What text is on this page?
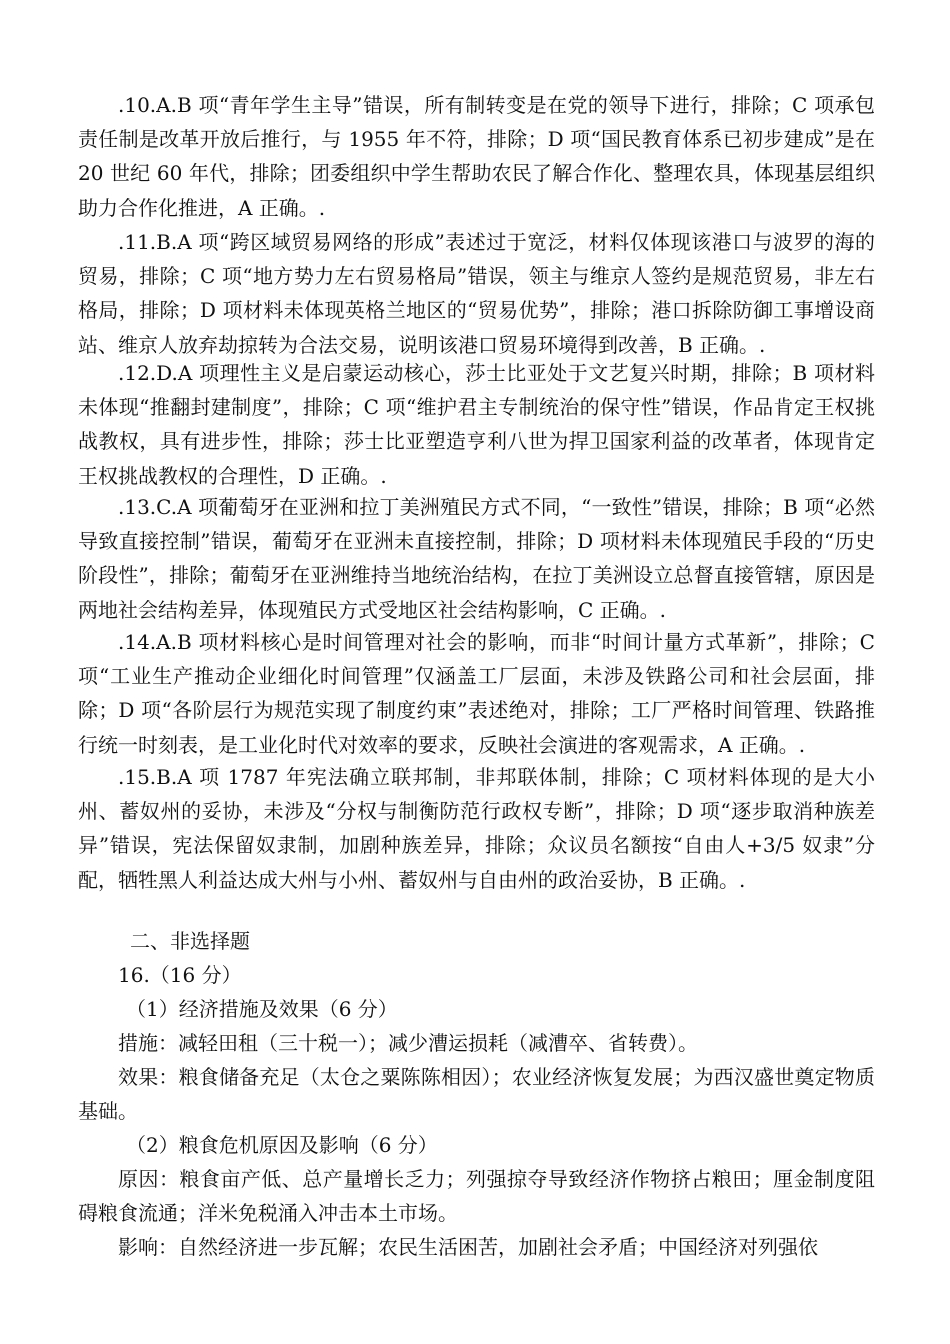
.10.A.B 项“青年学生主导”错误，所有制转变是在党的领导下进行，排除；C 项承包责任制是改革开放后推行，与 1955 年不符，排除；D 项“国民教育体系已初步建成”是在 20 世纪 60 年代，排除；团委组织中学生帮助农民了解合作化、整理农具，体现基层组织助力合作化推进，A 正确。.

.11.B.A 项“跨区域贸易网络的形成”表述过于宽泛，材料仅体现该港口与波罗的海的贸易，排除；C 项“地方势力左右贸易格局”错误，领主与维京人签约是规范贸易，非左右格局，排除；D 项材料未体现英格兰地区的“贸易优势”，排除；港口拆除防御工事增设商站、维京人放弃劫掠转为合法交易，说明该港口贸易环境得到改善，B 正确。.

.12.D.A 项理性主义是启蒙运动核心，莎士比亚处于文艺复兴时期，排除；B 项材料未体现“推翻封建制度”，排除；C 项“维护君主专制统治的保守性”错误，作品肯定王权挑战教权，具有进步性，排除；莎士比亚塑造亨利八世为捍卫国家利益的改革者，体现肯定王权挑战教权的合理性，D 正确。.

.13.C.A 项葡萄牙在亚洲和拉丁美洲殖民方式不同，“一致性”错误，排除；B 项“必然导致直接控制”错误，葡萄牙在亚洲未直接控制，排除；D 项材料未体现殖民手段的“历史阶段性”，排除；葡萄牙在亚洲维持当地统治结构，在拉丁美洲设立总督直接管辖，原因是两地社会结构差异，体现殖民方式受地区社会结构影响，C 正确。.

.14.A.B 项材料核心是时间管理对社会的影响，而非“时间计量方式革新”，排除；C 项“工业生产推动企业细化时间管理”仅涵盖工厂层面，未涉及铁路公司和社会层面，排除；D 项“各阶层行为规范实现了制度约束”表述绝对，排除；工厂严格时间管理、铁路推行统一时刻表，是工业化时代对效率的要求，反映社会演进的客观需求，A 正确。.

.15.B.A 项 1787 年宪法确立联邦制，非邦联体制，排除；C 项材料体现的是大小州、蓄奴州的妥协，未涉及“分权与制衡防范行政权专断”，排除；D 项“逐步取消种族差异”错误，宪法保留奴隶制，加剧种族差异，排除；众议员名额按“自由人+3/5 奴隶”分配，牺牲黑人利益达成大州与小州、蓄奴州与自由州的政治妥协，B 正确。.

二、非选择题

16.（16 分）

（1）经济措施及效果（6 分）

措施：减轻田租（三十税一）；减少漕运损耗（减漕卒、省转费）。

效果：粮食储备充足（太仓之粟陈陈相因）；农业经济恢复发展；为西汉盛世奠定物质基础。

（2）粮食危机原因及影响（6 分）

原因：粮食亩产低、总产量增长乏力；列强掠夺导致经济作物挤占粮田；厘金制度阻碍粮食流通；洋米免税涌入冲击本土市场。

影响：自然经济进一步瓦解；农民生活困苦，加剧社会矛盾；中国经济对列强依
